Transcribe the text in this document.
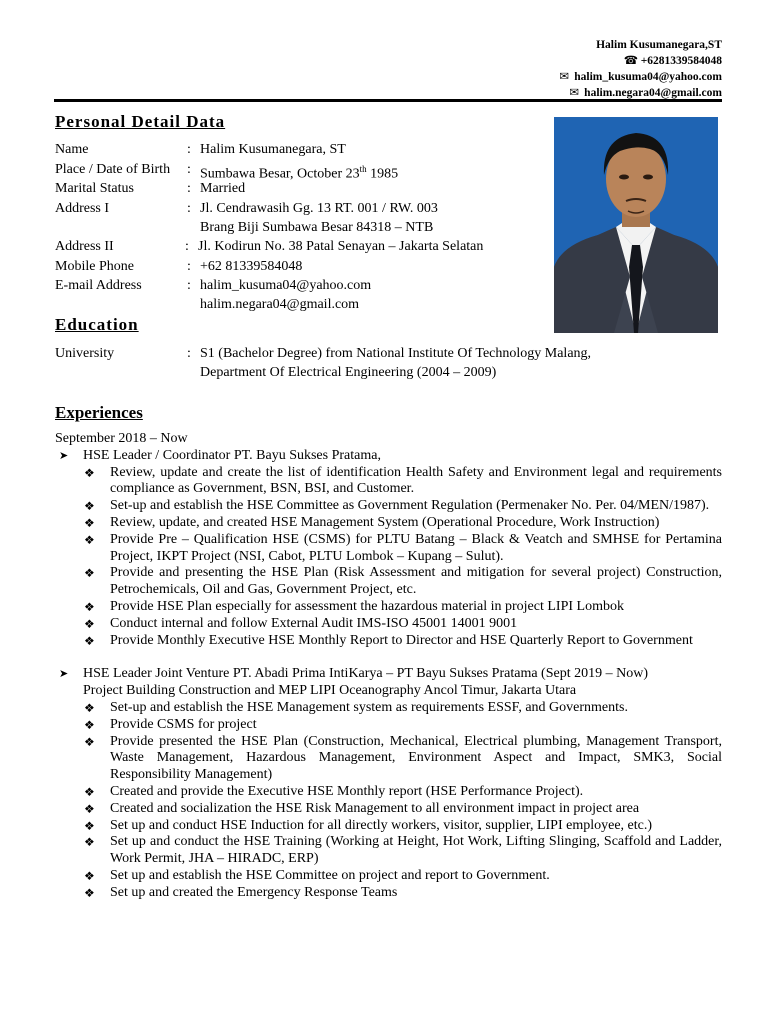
Halim Kusumanegara,ST
☎ +6281339584048
✉ halim_kusuma04@yahoo.com
✉ halim.negara04@gmail.com
Personal Detail Data
Name	: Halim Kusumanegara, ST
Place / Date of Birth : Sumbawa Besar, October 23th 1985
Marital Status	: Married
Address I	: Jl. Cendrawasih Gg. 13 RT. 001 / RW. 003
Brang Biji Sumbawa Besar 84318 – NTB
Address II	: Jl. Kodirun No. 38 Patal Senayan – Jakarta Selatan
Mobile Phone	: +62 81339584048
E-mail Address	: halim_kusuma04@yahoo.com
halim.negara04@gmail.com
Education
University	: S1 (Bachelor Degree) from National Institute Of Technology Malang,
Department Of Electrical Engineering (2004 – 2009)
Experiences

September 2018 – Now

➤ HSE Leader / Coordinator PT. Bayu Sukses Pratama,

❖ Review, update and create the list of identification Health Safety and Environment legal and requirements compliance as Government, BSN, BSI, and Customer.
❖ Set-up and establish the HSE Committee as Government Regulation (Permenaker No. Per. 04/MEN/1987).
❖ Review, update, and created HSE Management System (Operational Procedure, Work Instruction)
❖ Provide Pre – Qualification HSE (CSMS) for PLTU Batang – Black & Veatch and SMHSE for Pertamina Project, IKPT Project (NSI, Cabot, PLTU Lombok – Kupang – Sulut).
❖ Provide and presenting the HSE Plan (Risk Assessment and mitigation for several project) Construction, Petrochemicals, Oil and Gas, Government Project, etc.
❖ Provide HSE Plan especially for assessment the hazardous material in project LIPI Lombok
❖ Conduct internal and follow External Audit IMS-ISO 45001 14001 9001
❖ Provide Monthly Executive HSE Monthly Report to Director and HSE Quarterly Report to Government
➤ HSE Leader Joint Venture PT. Abadi Prima IntiKarya – PT Bayu Sukses Pratama (Sept 2019 – Now)

Project Building Construction and MEP LIPI Oceanography Ancol Timur, Jakarta Utara

❖ Set-up and establish the HSE Management system as requirements ESSF, and Governments.
❖ Provide CSMS for project
❖ Provide presented the HSE Plan (Construction, Mechanical, Electrical plumbing, Management Transport, Waste Management, Hazardous Management, Environment Aspect and Impact, SMK3, Social Responsibility Management)
❖ Created and provide the Executive HSE Monthly report (HSE Performance Project).
❖ Created and socialization the HSE Risk Management to all environment impact in project area
❖ Set up and conduct HSE Induction for all directly workers, visitor, supplier, LIPI employee, etc.)
❖ Set up and conduct the HSE Training (Working at Height, Hot Work, Lifting Slinging, Scaffold and Ladder, Work Permit, JHA – HIRADC, ERP)
❖ Set up and establish the HSE Committee on project and report to Government.
❖ Set up and created the Emergency Response Teams
